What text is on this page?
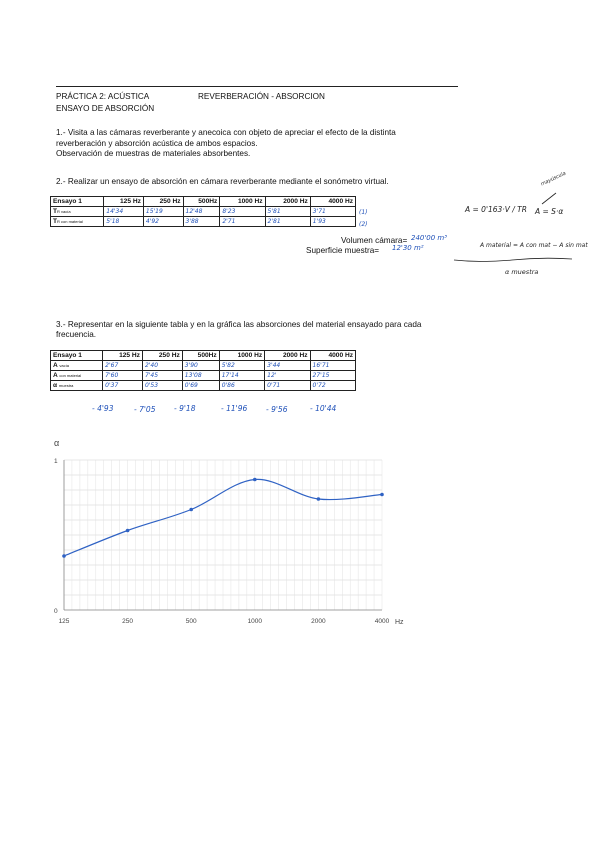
PRÁCTICA 2: ACÚSTICA	REVERBERACIÓN - ABSORCION
ENSAYO DE ABSORCIÓN
1.- Visita a las cámaras reverberante y anecoica con objeto de apreciar el efecto de la distinta
reverberación y absorción acústica de ambos espacios.
Observación de muestras de materiales absorbentes.
2.- Realizar un ensayo de absorción en cámara reverberante mediante el sonómetro virtual.
Ensayo 1	125 Hz	250 Hz	500Hz	1000 Hz	2000 Hz	4000 Hz
TR vacía	14'34	15'19	12'48	8'23	5'81	3'71
TR con material	5'18	4'92	3'88	2'71	2'81	1'93
(1)
(2)
Volumen cámara= 240'00 m³
Superficie muestra= 12'30 m²
A = 0'163·V / TR A = S·α
mayúscula
A material = A con mat − A sin mat
α muestra
3.- Representar en la siguiente tabla y en la gráfica las absorciones del material ensayado para cada
frecuencia.
Ensayo 1	125 Hz	250 Hz	500Hz	1000 Hz	2000 Hz	4000 Hz
A vacía	2'67	2'40	3'90	5'82	3'44	16'71
A con material	7'60	7'45	13'08	17'14	12'	27'15
α muestra	0'37	0'53	0'69	0'86	0'71	0'72
- 4'93	- 7'05 - 9'18	- 11'96	- 9'56	- 10'44
α
0
1
125	250	500	1000	2000	4000 Hz
